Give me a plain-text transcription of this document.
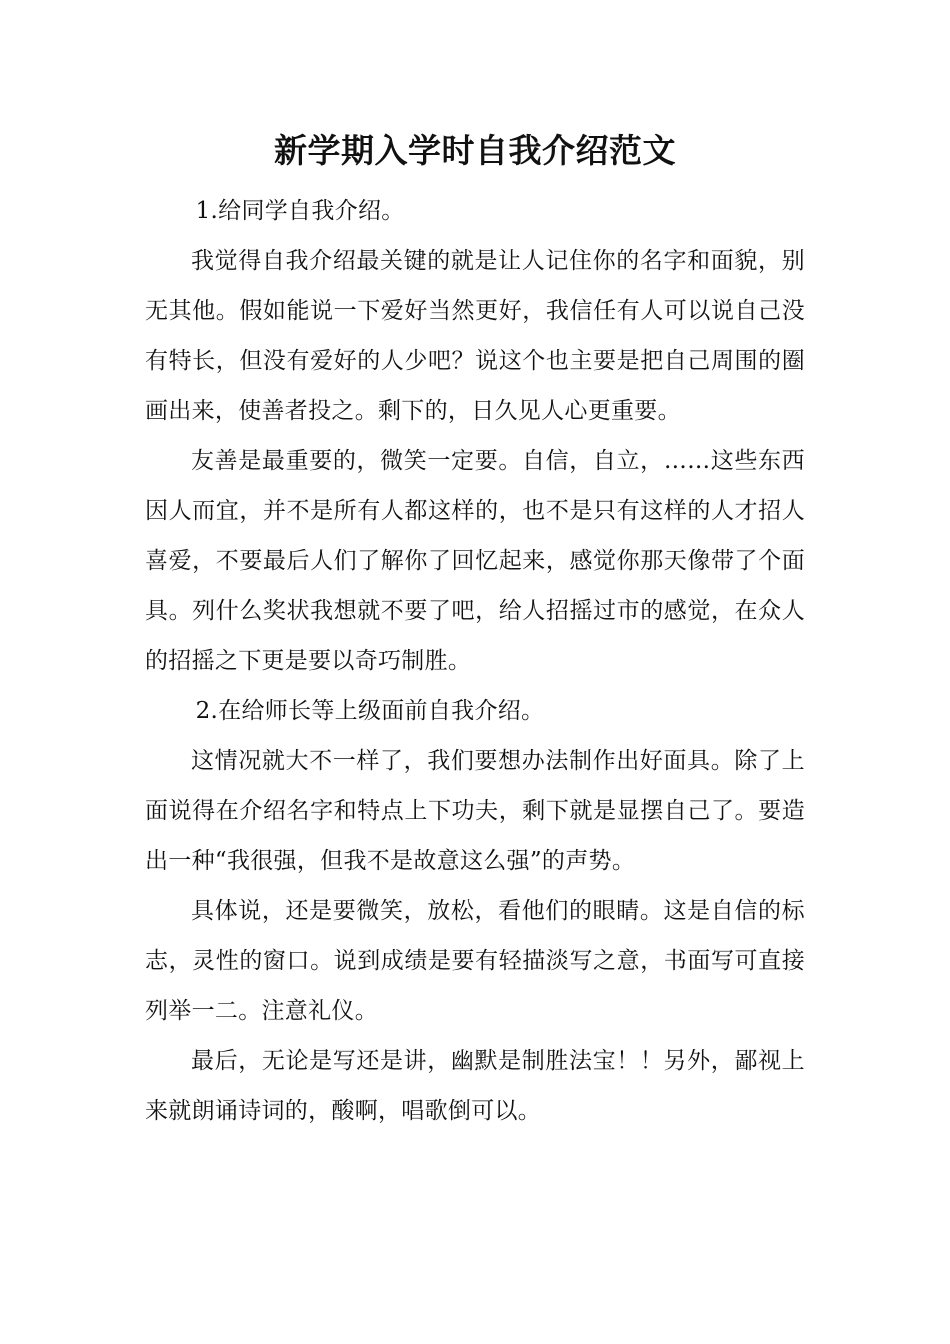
新学期入学时自我介绍范文

1.给同学自我介绍。

我觉得自我介绍最关键的就是让人记住你的名字和面貌，别无其他。假如能说一下爱好当然更好，我信任有人可以说自己没有特长，但没有爱好的人少吧？说这个也主要是把自己周围的圈画出来，使善者投之。剩下的，日久见人心更重要。

友善是最重要的，微笑一定要。自信，自立，……这些东西因人而宜，并不是所有人都这样的，也不是只有这样的人才招人喜爱，不要最后人们了解你了回忆起来，感觉你那天像带了个面具。列什么奖状我想就不要了吧，给人招摇过市的感觉，在众人的招摇之下更是要以奇巧制胜。

2.在给师长等上级面前自我介绍。

这情况就大不一样了，我们要想办法制作出好面具。除了上面说得在介绍名字和特点上下功夫，剩下就是显摆自己了。要造出一种“我很强，但我不是故意这么强”的声势。

具体说，还是要微笑，放松，看他们的眼睛。这是自信的标志，灵性的窗口。说到成绩是要有轻描淡写之意，书面写可直接列举一二。注意礼仪。

最后，无论是写还是讲，幽默是制胜法宝！！另外，鄙视上来就朗诵诗词的，酸啊，唱歌倒可以。
